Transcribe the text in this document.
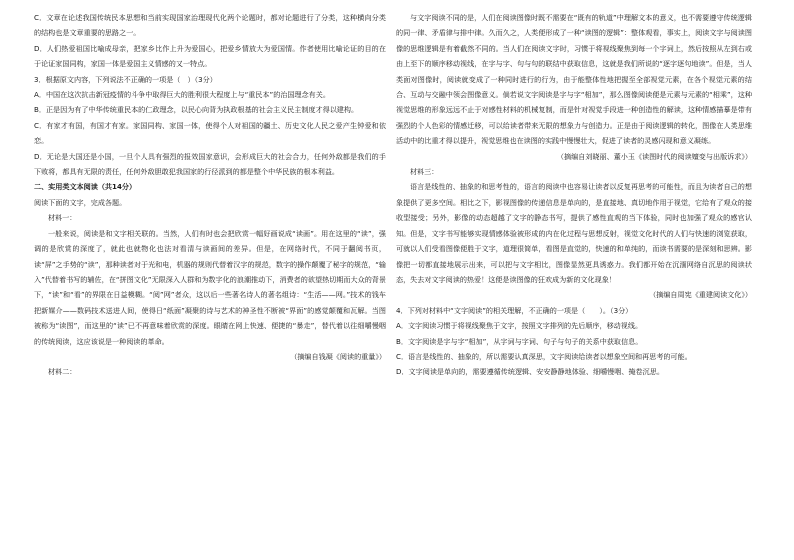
C．文章在论述我国传统民本思想和当前实现国家治理现代化两个论题时，都对论题进行了分类，这种横向分类的结构也是文章重要的思路之一。

D．人们热爱祖国比喻成母亲，把家乡比作上升为爱国心，把爱乡情放大为爱国情。作者使用比喻论证的目的在于论证家国同构，家国一体是爱国主义情感的又一特点。

3．根据原文内容，下列说法不正确的一项是（　）（3分）

A．中国在这次抗击新冠疫情的斗争中取得巨大的胜利很大程度上与“重民本”的治国理念有关。

B．正是因为有了中华传统重民本的仁政理念，以民心向背为执政根基的社会主义民主制度才得以建构。

C．有家才有国，有国才有家。家国同构、家国一体，使得个人对祖国的疆土、历史文化人民之爱产生钟爱和依恋。

D．无论是大国还是小国，一旦个人具有强烈的报效国家意识，会形成巨大的社会合力，任何外敌都是我们的手下败将，都具有无限的责任，任何外敌胆敢犯我国家的行径派到的都是整个中华民族的根本利益。

二、实用类文本阅读（共14分）

阅读下面的文字，完成各题。

材料一：

一般来说，阅读是和文字相关联的。当然，人们有时也会把欣赏一幅好画说成“读画”。用在这里的“读”，强调的是欣赏的深度了，就此也就物化也法对看清与读画间的差异。但是，在网络时代，不同于翻阅书页，读“屏”之手势的“读”，那种读者对于光和电，机器的规则代替着汉字的规范，数字的操作颠覆了秘字的规范，“输入”代替着书写的辅佐，在“拼图文化”无限深入人群和为数字化的浪潮推动下，消费者的欲望热切期而大众的背景下，“读”和“看”的界限在日益模糊。“阅”网”者众，这以后一些著名诗人的著名组诗：“生活——网。”技术的钱车把新媒介——数码技术送进人间，使得日“纸面”凝聚的诗与艺术的神圣性不断被“界面”的感觉颠覆和瓦解。当图被称为“读图”，而这里的“读”已不再意味着欣赏的深度。眼睛在网上快速、便捷的“暴走”，替代着以往细嚼慢咽的传统阅读，这应该说是一种阅读的革命。

（摘编自钱凝《阅读的重量》）

材料二：

与文字阅读不同的是，人们在阅读图像时既不需要在“既有的轨道”中理解文本的意义，也不需要遵守传统逻辑的同一律、矛盾律与排中律。久而久之，人类便形成了一种“读图的逻辑”：整体观看，事实上，阅读文字与阅读图像的思维逻辑是有着截然不同的。当人们在阅读文字时，习惯于将视线聚焦到每一个字词上，然后按照从左到右或由上至下的顺序移动视线，在字与字、句与句的联结中获取信息，这就是我们所说的“逐字逐句地读”。但是，当人类面对图像时，阅读就变成了一种同时进行的行为，由于能整体性地把握至全部视觉元素，在各个视觉元素的结合、互动与交融中领会图像意义。倘若说文字阅读是字与字“相加”，那么图像阅读便是元素与元素的“相乘”，这种视觉思维的形象远远不止于对感性材料的机械复制，而是针对视觉手段进一种创造性的解读，这种情感描摹是带有强烈的个人色彩的情感迁移，可以给读者带来无限的想象力与创造力。正是由于阅读逻辑的转化，图像在人类思维活动中的比重才得以提升，视觉思维也在读图的实践中慢慢壮大，促进了读者的灵感闪现和意义凝练。

（摘编自刘晓丽、董小玉《读图时代的阅读嬗变与出版诉求》）

材料三：

语言是线性的、抽象的和思考性的，语言的阅读中也容易让读者以反复再思考的可能性，而且为读者自己的想象提供了更多空间。相比之下，影视图像的传递信息是单向的，是直接地、真切地作用于视觉，它给有了观众的接收型接受；另外，影像的动态超越了文字的静态书写，提供了感性直观的当下体验，同时也加强了观众的感官认知。但是，文字书写能够实现情感体验被形成的内在化过程与思想反射，视觉文化时代的人们与快速的浏览获取，可就以人们受看图像便胜于文字，道理很简单，看图是直觉的，快速的和单纯的，而读书需要的是深刻和思辨。影像把一切都直接地展示出来，可以把与文字相比，图像显然更具诱惑力。我们都开始在沉湎网络自沉思的阅读状态，失去对文字阅读的热爱！这便是读图像的狂欢成为新的文化现象！

（摘编自周宪《重建阅读文化》）

4．下列对材料中“文字阅读”的相关理解，不正确的一项是（　　）。（3分）

A．文字阅读习惯于将视线聚焦于文字，按照文字排列的先后顺序，移动视线。

B．文字阅读是字与字“相加”，从字词与字词、句子与句子的关系中获取信息。

C．语言是线性的、抽象的，所以需要认真深思，文字阅读给读者以想象空间和再思考的可能。

D．文字阅读是单向的，需要遵循传统逻辑、安安静静地体验、细嚼慢咽、掩卷沉思。
